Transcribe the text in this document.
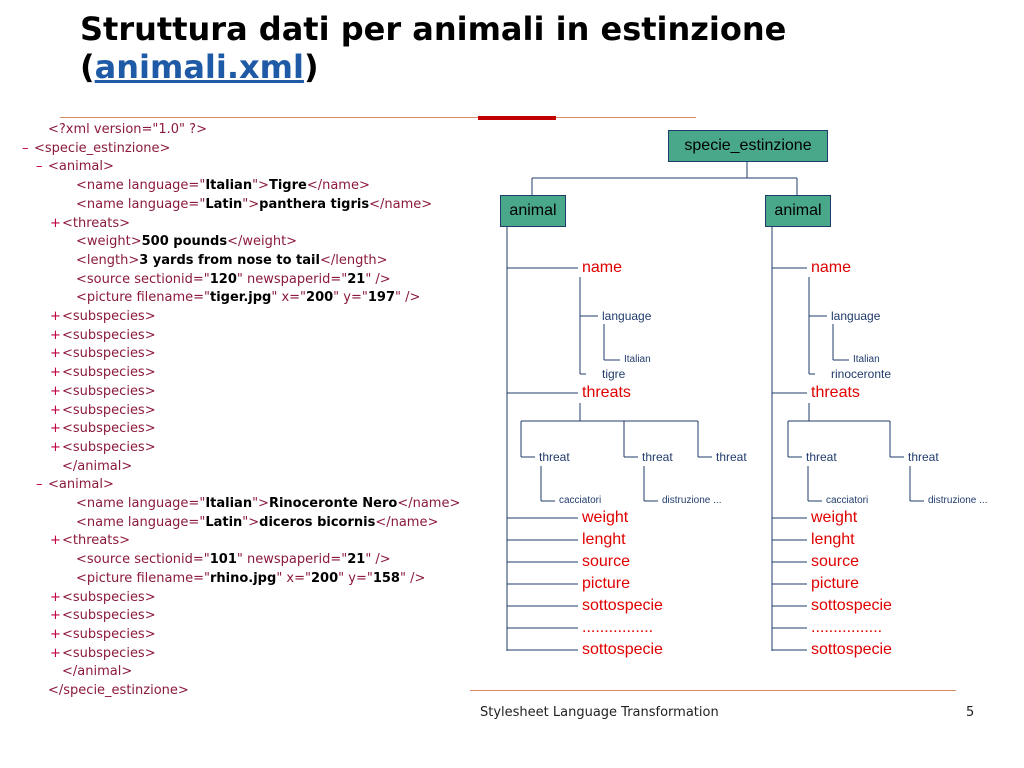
Struttura dati per animali in estinzione
(animali.xml)
<?xml version="1.0" ?>
– <specie_estinzione>
– <animal>
<name language="Italian">Tigre</name>
<name language="Latin">panthera tigris</name>
+<threats>
<weight>500 pounds</weight>
<length>3 yards from nose to tail</length>
<source sectionid="120" newspaperid="21" />
<picture filename="tiger.jpg" x="200" y="197" />
+<subspecies>
+<subspecies>
+<subspecies>
+<subspecies>
+<subspecies>
+<subspecies>
+<subspecies>
+<subspecies>
</animal>
– <animal>
<name language="Italian">Rinoceronte Nero</name>
<name language="Latin">diceros bicornis</name>
+<threats>
<source sectionid="101" newspaperid="21" />
<picture filename="rhino.jpg" x="200" y="158" />
+<subspecies>
+<subspecies>
+<subspecies>
+<subspecies>
</animal>
</specie_estinzione>
specie_estinzione
animal	animal
name
language
Italian
tigre
threats
threat	threat	threat
cacciatori	distruzione ...
weight
lenght
source
picture
sottospecie
................
sottospecie
name
language
Italian
rinoceronte
threats
threat	threat
cacciatori	distruzione ...
weight
lenght
source
picture
sottospecie
................
sottospecie
Stylesheet Language Transformation	5
